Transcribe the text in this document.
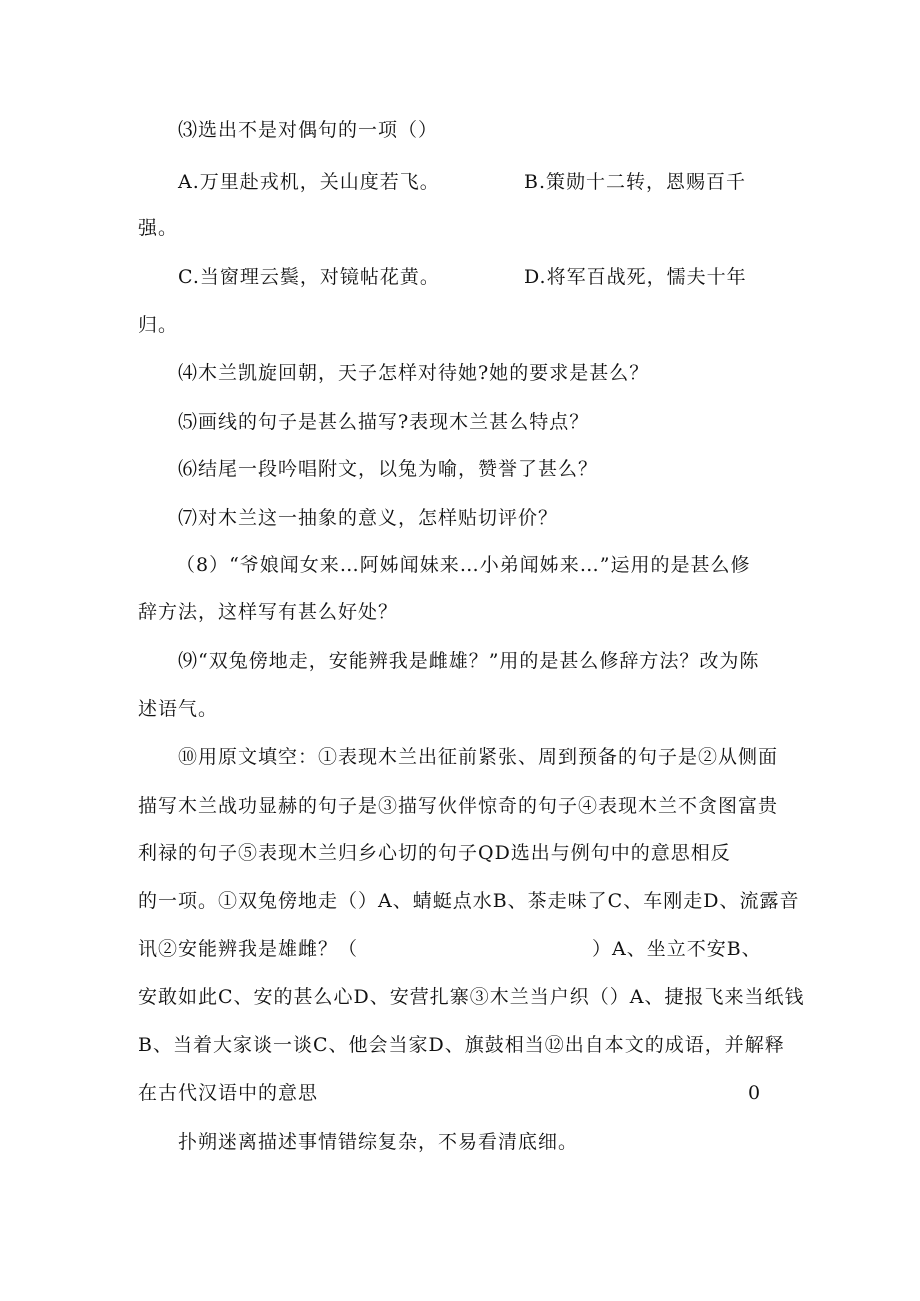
⑶选出不是对偶句的一项（）
A.万里赴戎机，关山度若飞。	B.策勋十二转，恩赐百千
强。
C.当窗理云鬓，对镜帖花黄。	D.将军百战死，懦夫十年
归。
⑷木兰凯旋回朝，天子怎样对待她?她的要求是甚么？
⑸画线的句子是甚么描写?表现木兰甚么特点？
⑹结尾一段吟唱附文，以兔为喻，赞誉了甚么？
⑺对木兰这一抽象的意义，怎样贴切评价？
（8）“爷娘闻女来…阿姊闻妹来…小弟闻姊来…”运用的是甚么修
辞方法，这样写有甚么好处？
⑼“双兔傍地走，安能辨我是雌雄？”用的是甚么修辞方法？改为陈
述语气。
⑩用原文填空：①表现木兰出征前紧张、周到预备的句子是②从侧面
描写木兰战功显赫的句子是③描写伙伴惊奇的句子④表现木兰不贪图富贵
利禄的句子⑤表现木兰归乡心切的句子QD选出与例句中的意思相反
的一项。①双兔傍地走（）A、蜻蜓点水B、茶走味了C、车刚走D、流露音
讯②安能辨我是雄雌？（	）A、坐立不安B、
安敢如此C、安的甚么心D、安营扎寨③木兰当户织（）A、捷报飞来当纸钱
B、当着大家谈一谈C、他会当家D、旗鼓相当⑫出自本文的成语，并解释
在古代汉语中的意思	0
扑朔迷离描述事情错综复杂，不易看清底细。
